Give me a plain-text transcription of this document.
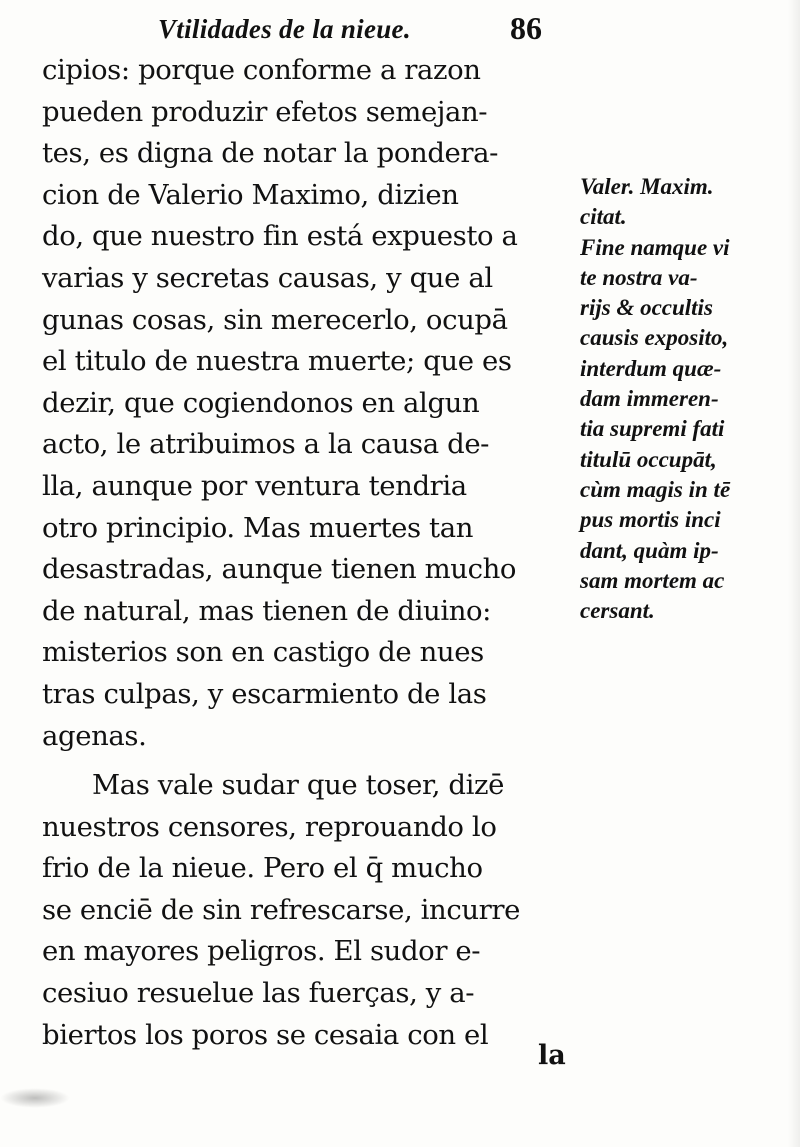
Vtilidades de la nieue.	86
cipios: porque conforme a razon
pueden produzir efetos semejan-
tes, es digna de notar la pondera-
cion de Valerio Maximo, dizien
do, que nuestro fin está expuesto a
varias y secretas causas, y que al
gunas cosas, sin merecerlo, ocupā
el titulo de nuestra muerte; que es
dezir, que cogiendonos en algun
acto, le atribuimos a la causa de-
lla, aunque por ventura tendria
otro principio. Mas muertes tan
desastradas, aunque tienen mucho
de natural, mas tienen de diuino:
misterios son en castigo de nues
tras culpas, y escarmiento de las
agenas.
Mas vale sudar que toser, dizē
nuestros censores, reprouando lo
frio de la nieue. Pero el q̄ mucho
se enciē de sin refrescarse, incurre
en mayores peligros. El sudor e-
cesiuo resuelue las fuerças, y a-
biertos los poros se cesaia con el
la
Valer. Maxim.
citat.
Fine namque vi
te nostra va-
rijs & occultis
causis exposito,
interdum quæ-
dam immeren-
tia supremi fati
titulū occupāt,
cùm magis in tē
pus mortis inci
dant, quàm ip-
sam mortem ac
cersant.
